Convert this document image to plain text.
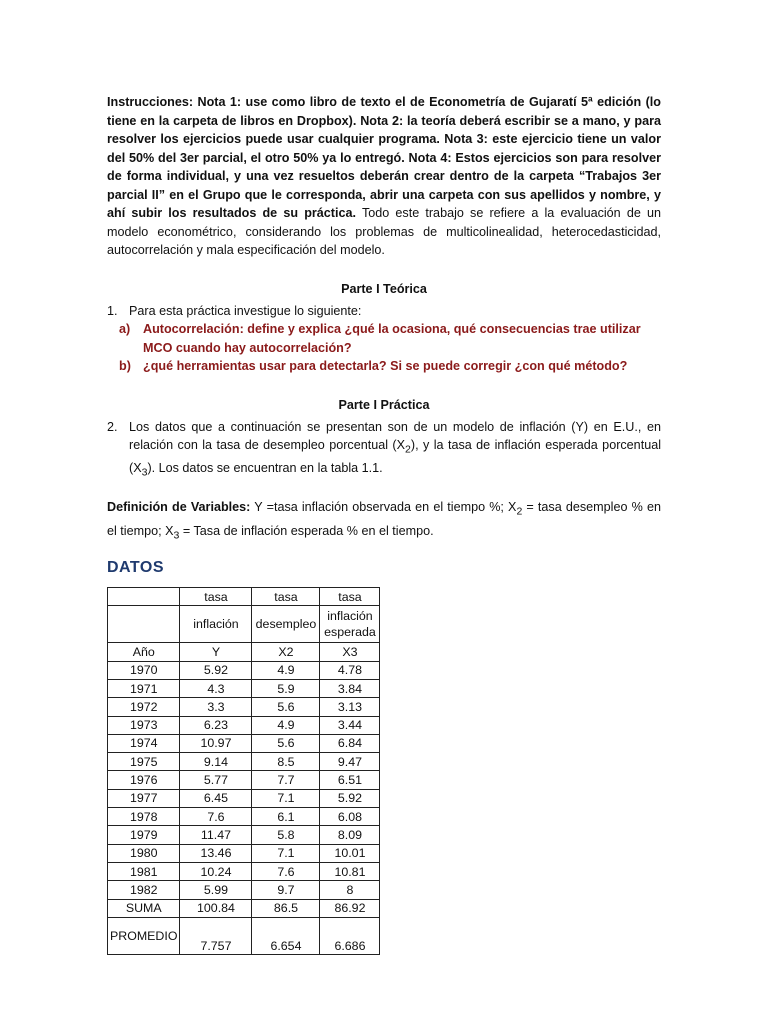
Instrucciones: Nota 1: use como libro de texto el de Econometría de Gujaratí 5ª edición (lo tiene en la carpeta de libros en Dropbox). Nota 2: la teoría deberá escribir se a mano, y para resolver los ejercicios puede usar cualquier programa. Nota 3: este ejercicio tiene un valor del 50% del 3er parcial, el otro 50% ya lo entregó. Nota 4: Estos ejercicios son para resolver de forma individual, y una vez resueltos deberán crear dentro de la carpeta “Trabajos 3er parcial II” en el Grupo que le corresponda, abrir una carpeta con sus apellidos y nombre, y ahí subir los resultados de su práctica. Todo este trabajo se refiere a la evaluación de un modelo econométrico, considerando los problemas de multicolinealidad, heterocedasticidad, autocorrelación y mala especificación del modelo.

Parte I Teórica
1. Para esta práctica investigue lo siguiente:
a)	Autocorrelación: define y explica ¿qué la ocasiona, qué consecuencias trae utilizar MCO cuando hay autocorrelación?
b) ¿qué herramientas usar para detectarla? Si se puede corregir ¿con qué método?
Parte I Práctica
2. Los datos que a continuación se presentan son de un modelo de inflación (Y) en E.U., en relación con la tasa de desempleo porcentual $(X_2)$, y la tasa de inflación esperada porcentual $(X_3)$. Los datos se encuentran en la tabla 1.1.
Definición de Variables: Y =tasa inflación observada en el tiempo %; $X_2$ = tasa desempleo % en el tiempo; $X_3$ = Tasa de inflación esperada % en el tiempo.
DATOS
	tasa	tasa	tasa
	inflación	desempleo	inflación esperada
Año	Y	X2	X3
1970	5.92	4.9	4.78
1971	4.3	5.9	3.84
1972	3.3	5.6	3.13
1973	6.23	4.9	3.44
1974	10.97	5.6	6.84
1975	9.14	8.5	9.47
1976	5.77	7.7	6.51
1977	6.45	7.1	5.92
1978	7.6	6.1	6.08
1979	11.47	5.8	8.09
1980	13.46	7.1	10.01
1981	10.24	7.6	10.81
1982	5.99	9.7	8
SUMA	100.84	86.5	86.92
PROMEDIO	7.757	6.654	6.686
